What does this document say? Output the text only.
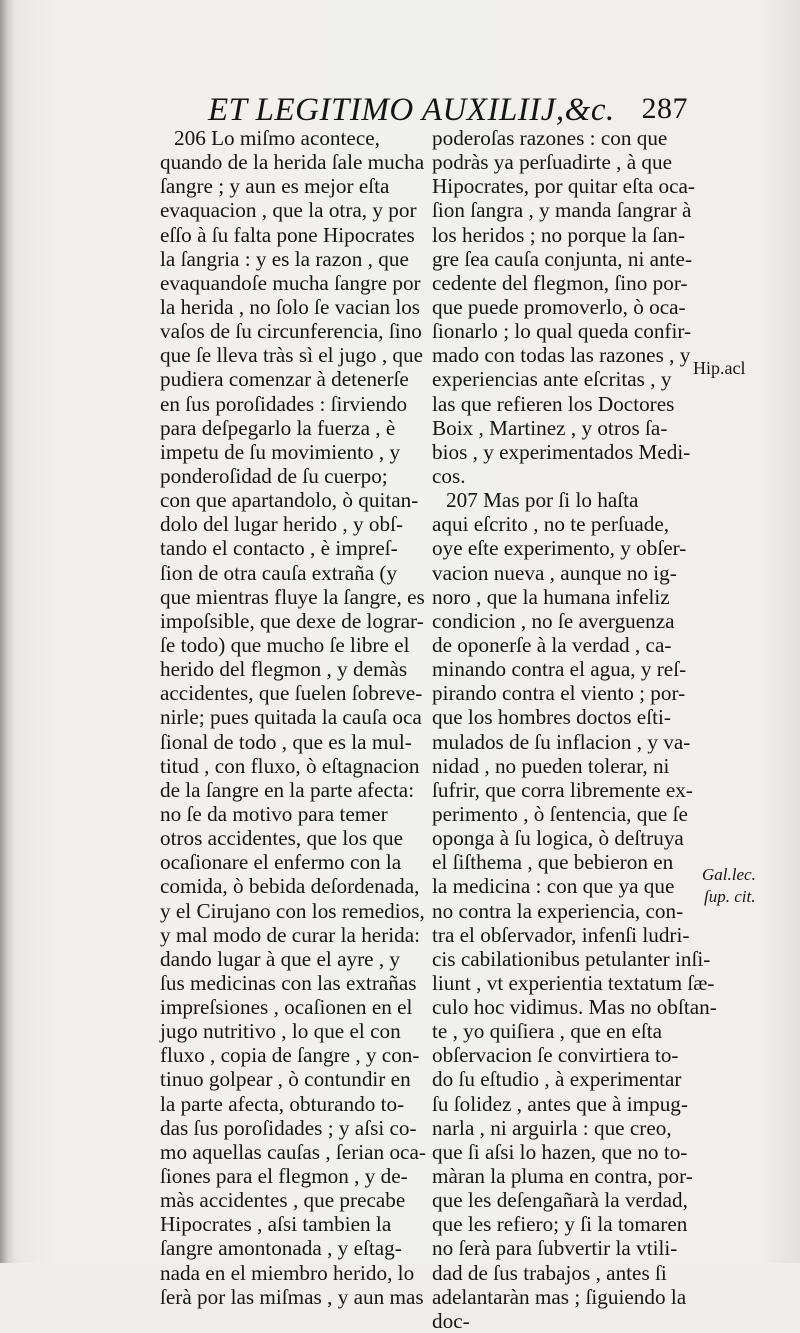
ET LEGITIMO AUXILIIJ,&c. 287
206 Lo miſmo acontece,
quando de la herida ſale mucha
ſangre ; y aun es mejor eſta
evaquacion , que la otra, y por
eſſo à ſu falta pone Hipocrates
la ſangria : y es la razon , que
evaquandoſe mucha ſangre por
la herida , no ſolo ſe vacian los
vaſos de ſu circunferencia, ſino
que ſe lleva tràs sì el jugo , que
pudiera comenzar à detenerſe
en ſus poroſidades : ſirviendo
para deſpegarlo la fuerza , è
impetu de ſu movimiento , y
ponderoſidad de ſu cuerpo;
con que apartandolo, ò quitan-
dolo del lugar herido , y obſ-
tando el contacto , è impreſ-
ſion de otra cauſa extraña (y
que mientras fluye la ſangre, es
impoſsible, que dexe de lograr-
ſe todo) que mucho ſe libre el
herido del flegmon , y demàs
accidentes, que ſuelen ſobreve-
nirle; pues quitada la cauſa oca
ſional de todo , que es la mul-
titud , con fluxo, ò eſtagnacion
de la ſangre en la parte afecta:
no ſe da motivo para temer
otros accidentes, que los que
ocaſionare el enfermo con la
comida, ò bebida deſordenada,
y el Cirujano con los remedios,
y mal modo de curar la herida:
dando lugar à que el ayre , y
ſus medicinas con las extrañas
impreſsiones , ocaſionen en el
jugo nutritivo , lo que el con
fluxo , copia de ſangre , y con-
tinuo golpear , ò contundir en
la parte afecta, obturando to-
das ſus poroſidades ; y aſsi co-
mo aquellas cauſas , ſerian oca-
ſiones para el flegmon , y de-
màs accidentes , que precabe
Hipocrates , aſsi tambien la
ſangre amontonada , y eſtag-
nada en el miembro herido, lo
ſerà por las miſmas , y aun mas
poderoſas razones : con que
podràs ya perſuadirte , à que
Hipocrates, por quitar eſta oca-
ſion ſangra , y manda ſangrar à
los heridos ; no porque la ſan-
gre ſea cauſa conjunta, ni ante-
cedente del flegmon, ſino por-
que puede promoverlo, ò oca-
ſionarlo ; lo qual queda confir-
mado con todas las razones , y
experiencias ante eſcritas , y
las que refieren los Doctores
Boix , Martinez , y otros ſa-
bios , y experimentados Medi-
cos.
207 Mas por ſi lo haſta
aqui eſcrito , no te perſuade,
oye eſte experimento, y obſer-
vacion nueva , aunque no ig-
noro , que la humana infeliz
condicion , no ſe averguenza
de oponerſe à la verdad , ca-
minando contra el agua, y reſ-
pirando contra el viento ; por-
que los hombres doctos eſti-
mulados de ſu inflacion , y va-
nidad , no pueden tolerar, ni
ſufrir, que corra libremente ex-
perimento , ò ſentencia, que ſe
oponga à ſu logica, ò deſtruya
el ſiſthema , que bebieron en
la medicina : con que ya que
no contra la experiencia, con-
tra el obſervador, infenſi ludri-
cis cabilationibus petulanter inſi-
liunt , vt experientia textatum ſæ-
culo hoc vidimus. Mas no obſtan-
te , yo quiſiera , que en eſta
obſervacion ſe convirtiera to-
do ſu eſtudio , à experimentar
ſu ſolidez , antes que à impug-
narla , ni arguirla : que creo,
que ſi aſsi lo hazen, que no to-
màran la pluma en contra, por-
que les deſengañarà la verdad,
que les refiero; y ſi la tomaren
no ſerà para ſubvertir la vtili-
dad de ſus trabajos , antes ſi
adelantaràn mas ; ſiguiendo la
doc-
Hip.acl
Gal.lec.
ſup. cit.
